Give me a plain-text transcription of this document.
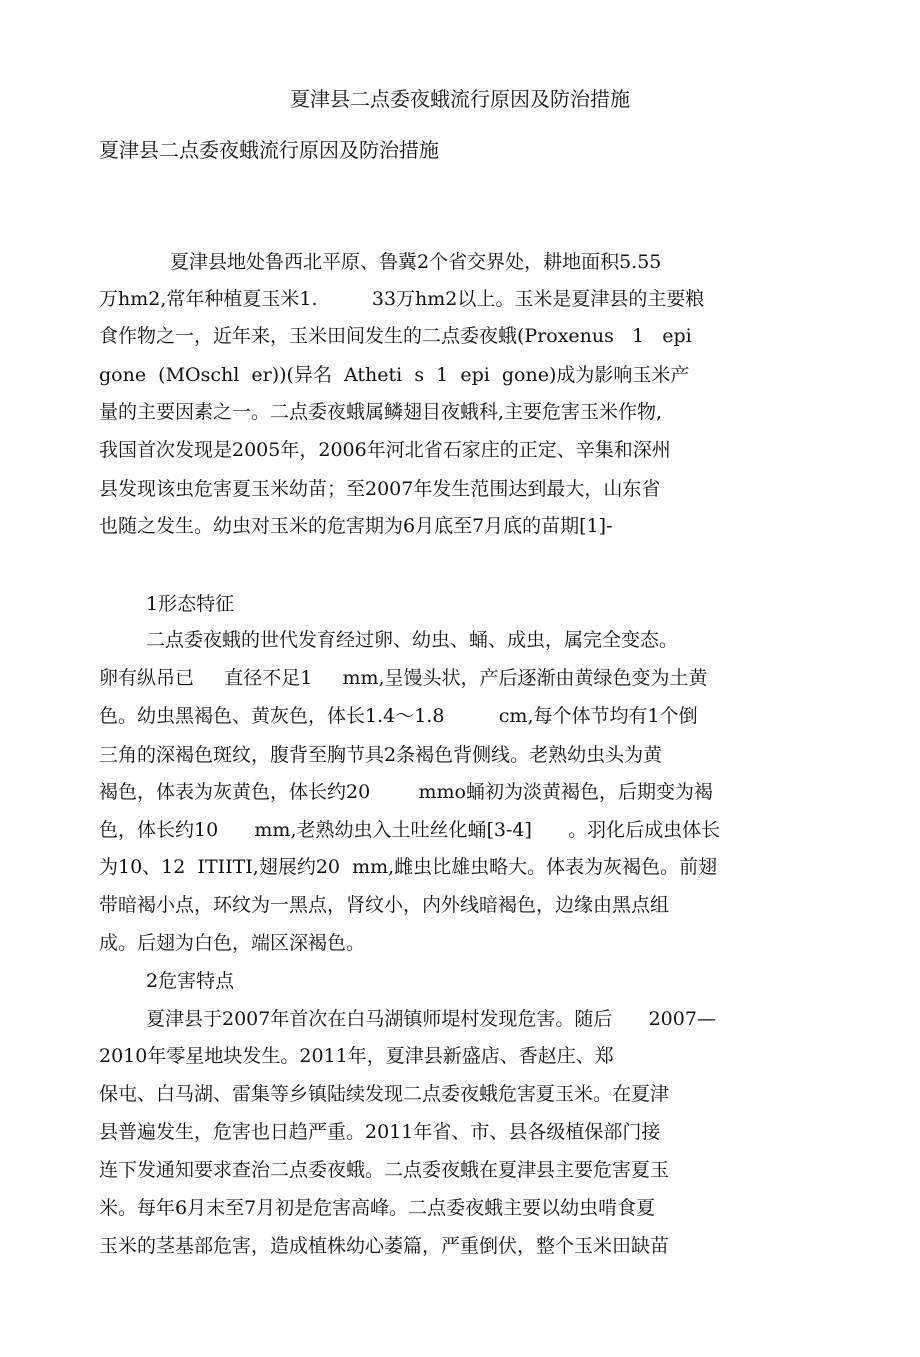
夏津县二点委夜蛾流行原因及防治措施
夏津县二点委夜蛾流行原因及防治措施
夏津县地处鲁西北平原、鲁冀2个省交界处，耕地面积5.55
万hm2,常年种植夏玉米1.         33万hm2以上。玉米是夏津县的主要粮
食作物之一，近年来，玉米田间发生的二点委夜蛾(Proxenus   1   epi
gone  (MOschl  er))(异名  Atheti  s  1  epi  gone)成为影响玉米产
量的主要因素之一。二点委夜蛾属鳞翅目夜蛾科,主要危害玉米作物,
我国首次发现是2005年，2006年河北省石家庄的正定、辛集和深州
县发现该虫危害夏玉米幼苗；至2007年发生范围达到最大，山东省
也随之发生。幼虫对玉米的危害期为6月底至7月底的苗期[1]-
1形态特征
二点委夜蛾的世代发育经过卵、幼虫、蛹、成虫，属完全变态。
卵有纵吊已     直径不足1     mm,呈馒头状，产后逐渐由黄绿色变为土黄
色。幼虫黑褐色、黄灰色，体长1.4〜1.8         cm,每个体节均有1个倒
三角的深褐色斑纹，腹背至胸节具2条褐色背侧线。老熟幼虫头为黄
褐色，体表为灰黄色，体长约20        mmo蛹初为淡黄褐色，后期变为褐
色，体长约10      mm,老熟幼虫入土吐丝化蛹[3-4]      。羽化后成虫体长
为10、12  ITIITI,翅展约20  mm,雌虫比雄虫略大。体表为灰褐色。前翅
带暗褐小点，环纹为一黑点，肾纹小，内外线暗褐色，边缘由黑点组
成。后翅为白色，端区深褐色。
2危害特点
夏津县于2007年首次在白马湖镇师堤村发现危害。随后      2007—
2010年零星地块发生。2011年，夏津县新盛店、香赵庄、郑
保屯、白马湖、雷集等乡镇陆续发现二点委夜蛾危害夏玉米。在夏津
县普遍发生，危害也日趋严重。2011年省、市、县各级植保部门接
连下发通知要求查治二点委夜蛾。二点委夜蛾在夏津县主要危害夏玉
米。每年6月末至7月初是危害高峰。二点委夜蛾主要以幼虫啃食夏
玉米的茎基部危害，造成植株幼心萎篇，严重倒伏，整个玉米田缺苗
